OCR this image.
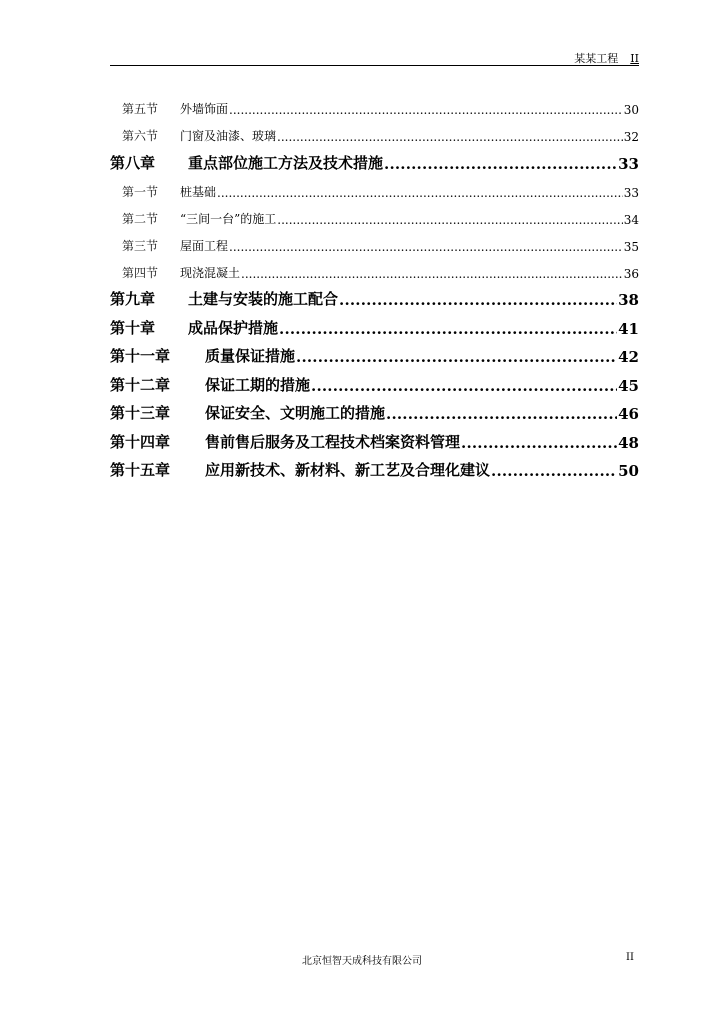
某某工程 II
第五节	外墙饰面 .....	30
第六节	门窗及油漆、玻璃 .....	32
第八章	重点部位施工方法及技术措施 .....	33
第一节	桩基础 .....	33
第二节	“三间一台”的施工 .....	34
第三节	屋面工程 .....	35
第四节	现浇混凝土 .....	36
第九章	土建与安装的施工配合 .....	38
第十章	成品保护措施 .....	41
第十一章	质量保证措施 .....	42
第十二章	保证工期的措施 .....	45
第十三章	保证安全、文明施工的措施 .....	46
第十四章	售前售后服务及工程技术档案资料管理 .....	48
第十五章	应用新技术、新材料、新工艺及合理化建议 .....	50
北京恒智天成科技有限公司	II
